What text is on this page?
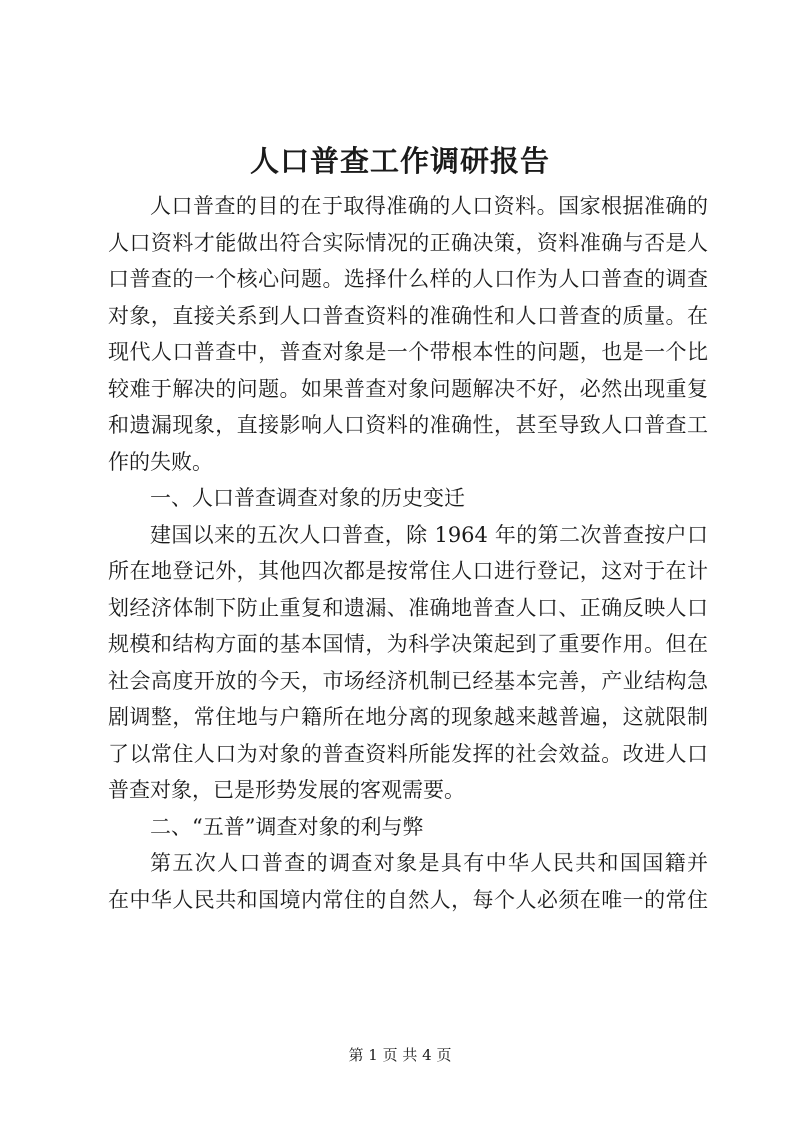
人口普查工作调研报告
人口普查的目的在于取得准确的人口资料。国家根据准确的
人口资料才能做出符合实际情况的正确决策，资料准确与否是人
口普查的一个核心问题。选择什么样的人口作为人口普查的调查
对象，直接关系到人口普查资料的准确性和人口普查的质量。在
现代人口普查中，普查对象是一个带根本性的问题，也是一个比
较难于解决的问题。如果普查对象问题解决不好，必然出现重复
和遗漏现象，直接影响人口资料的准确性，甚至导致人口普查工
作的失败。
一、人口普查调查对象的历史变迁
建国以来的五次人口普查，除 1964 年的第二次普查按户口
所在地登记外，其他四次都是按常住人口进行登记，这对于在计
划经济体制下防止重复和遗漏、准确地普查人口、正确反映人口
规模和结构方面的基本国情，为科学决策起到了重要作用。但在
社会高度开放的今天，市场经济机制已经基本完善，产业结构急
剧调整，常住地与户籍所在地分离的现象越来越普遍，这就限制
了以常住人口为对象的普查资料所能发挥的社会效益。改进人口
普查对象，已是形势发展的客观需要。
二、“五普”调查对象的利与弊
第五次人口普查的调查对象是具有中华人民共和国国籍并
在中华人民共和国境内常住的自然人，每个人必须在唯一的常住
第 1 页 共 4 页
